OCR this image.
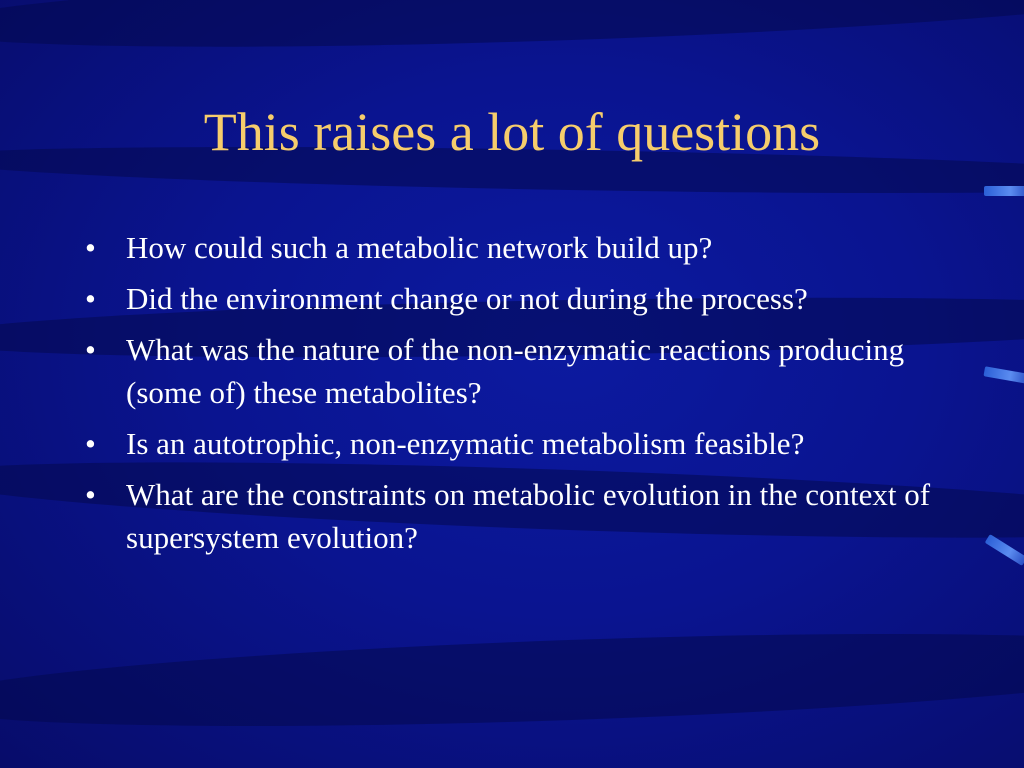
This raises a lot of questions
• How could such a metabolic network build up?
• Did the environment change or not during the process?
• What was the nature of the non-enzymatic reactions producing (some of) these metabolites?
• Is an autotrophic, non-enzymatic metabolism feasible?
• What are the constraints on metabolic evolution in the context of supersystem evolution?
